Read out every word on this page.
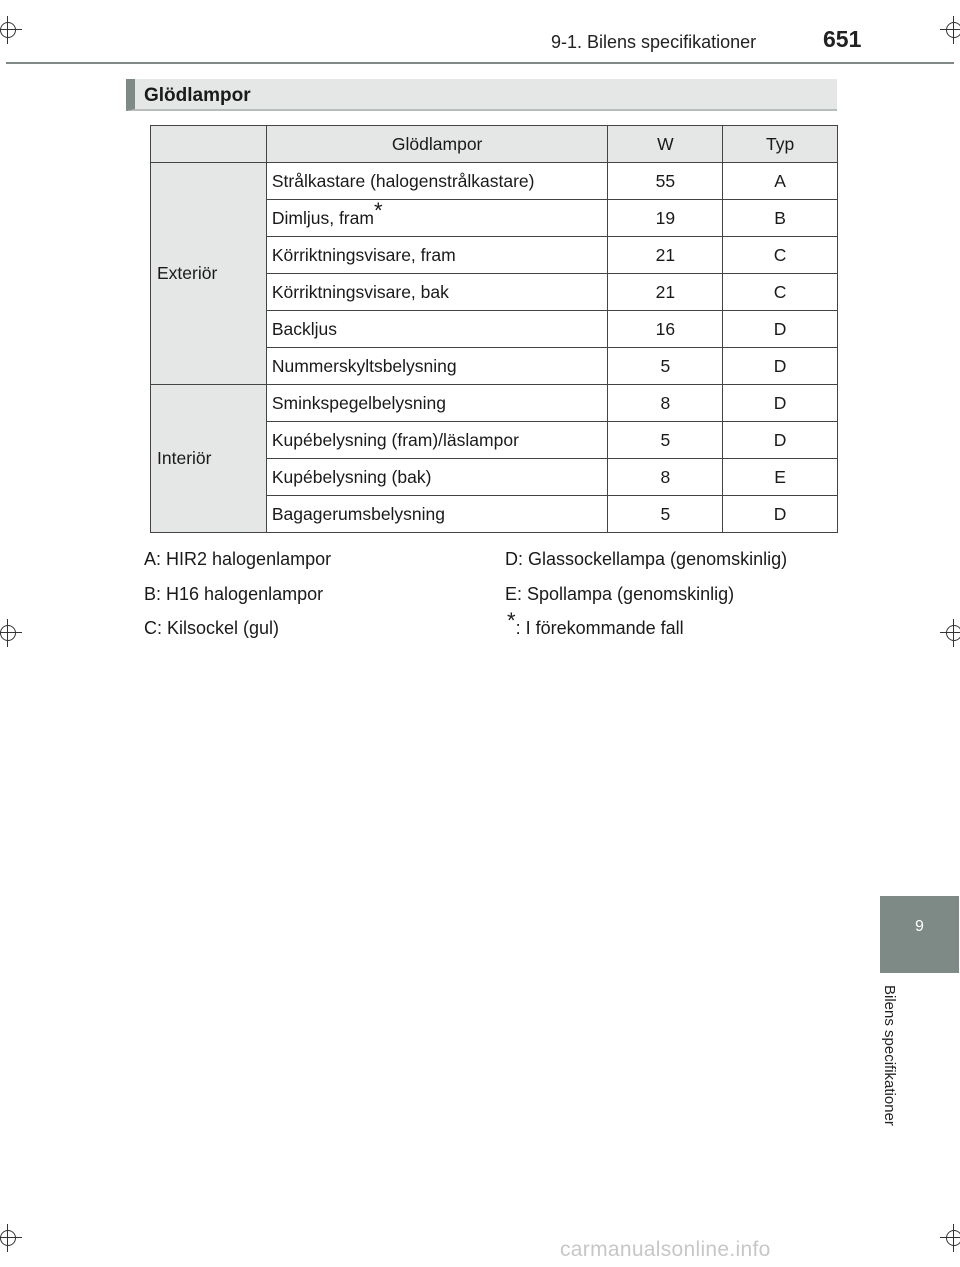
9-1. Bilens specifikationer	651
Glödlampor
	Glödlampor	W	Typ
Exteriör	Strålkastare (halogenstrålkastare)	55	A
	Dimljus, fram*	19	B
	Körriktningsvisare, fram	21	C
	Körriktningsvisare, bak	21	C
	Backljus	16	D
	Nummerskyltsbelysning	5	D
Interiör	Sminkspegelbelysning	8	D
	Kupébelysning (fram)/läslampor	5	D
	Kupébelysning (bak)	8	E
	Bagagerumsbelysning	5	D
A: HIR2 halogenlampor
B: H16 halogenlampor
C: Kilsockel (gul)
D: Glassockellampa (genomskinlig)
E: Spollampa (genomskinlig)
*: I förekommande fall
9
Bilens specifikationer
carmanualsonline.info
